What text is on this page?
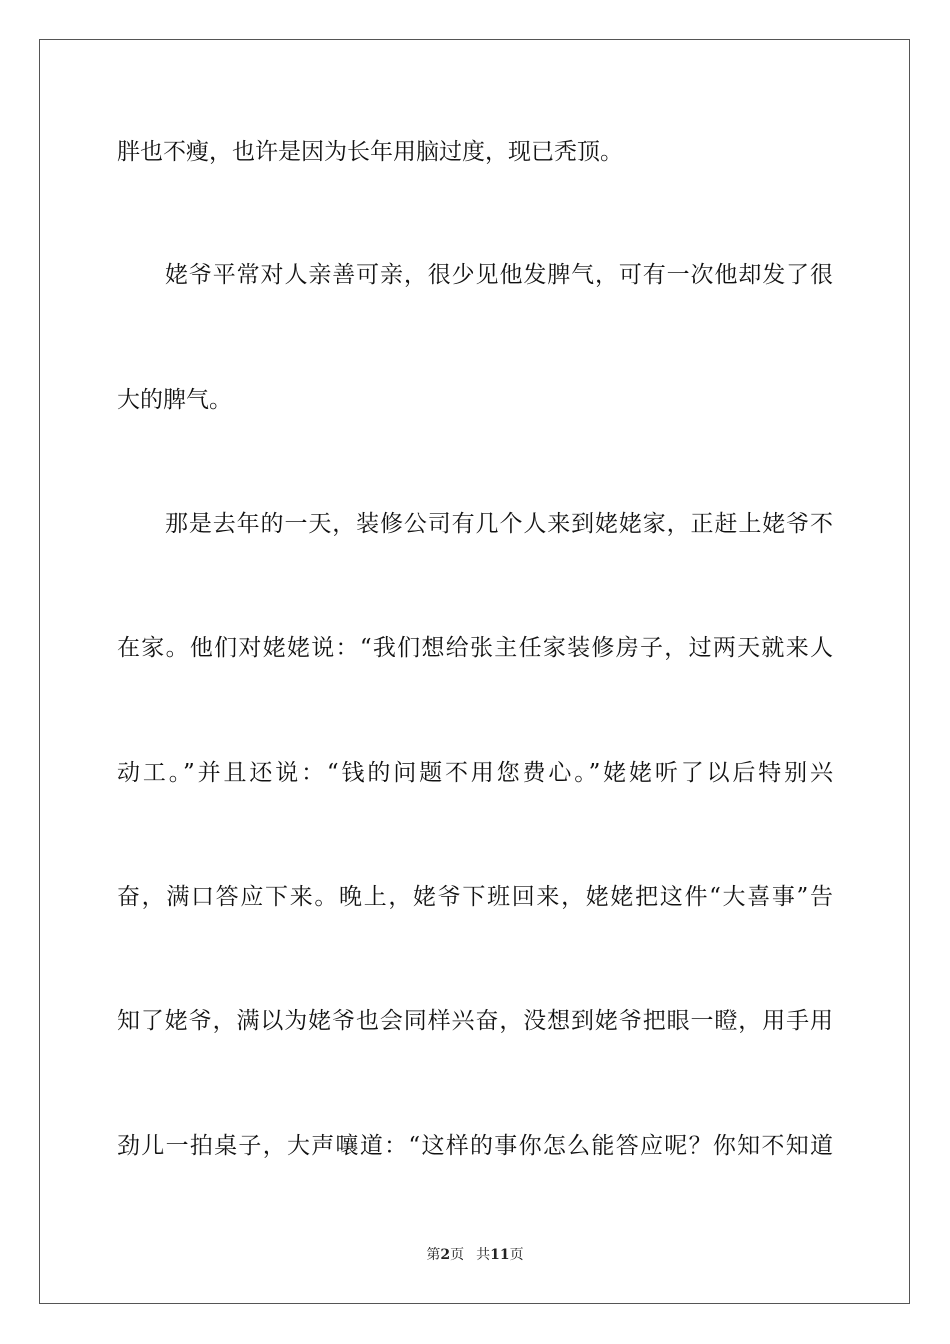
胖也不瘦，也许是因为长年用脑过度，现已秃顶。
姥爷平常对人亲善可亲，很少见他发脾气，可有一次他却发了很
大的脾气。
那是去年的一天，装修公司有几个人来到姥姥家，正赶上姥爷不
在家。他们对姥姥说：“我们想给张主任家装修房子，过两天就来人
动工。”并且还说：“钱的问题不用您费心。”姥姥听了以后特别兴
奋，满口答应下来。晚上，姥爷下班回来，姥姥把这件“大喜事”告
知了姥爷，满以为姥爷也会同样兴奋，没想到姥爷把眼一瞪，用手用
劲儿一拍桌子，大声嚷道：“这样的事你怎么能答应呢？你知不知道
第2页 共11页
